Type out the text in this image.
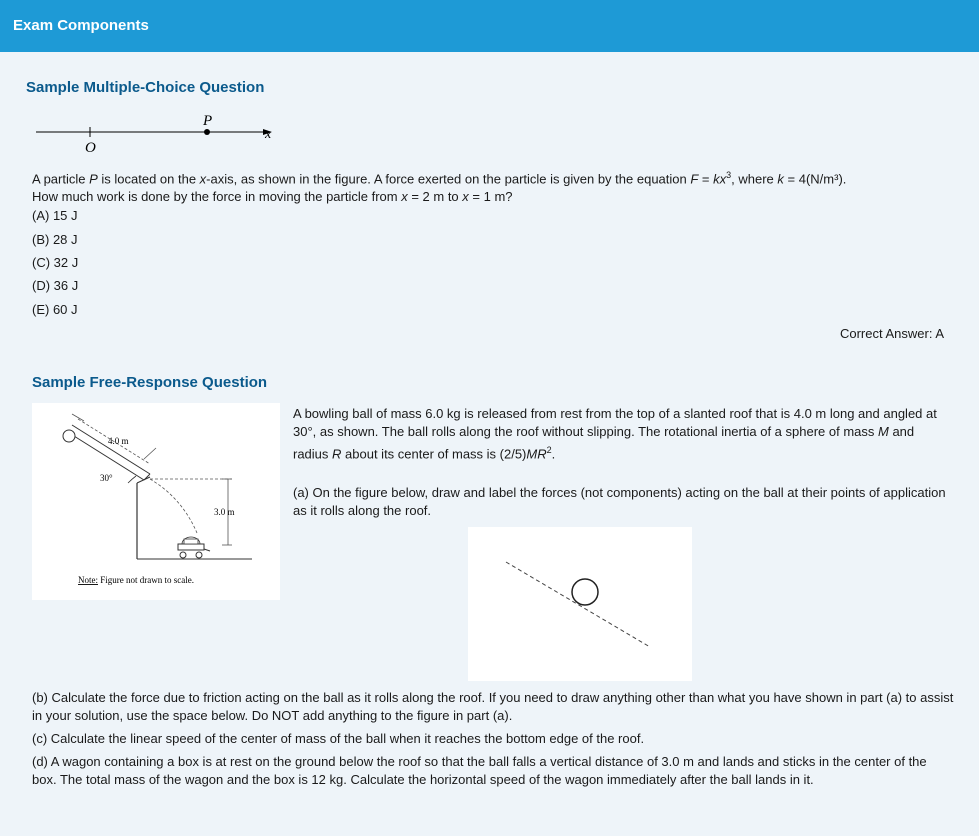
Exam Components
Sample Multiple-Choice Question
P
O
x
A particle P is located on the x-axis, as shown in the figure. A force exerted on the particle is given by the equation $F = kx^3$, where k = 4(N/m³).
How much work is done by the force in moving the particle from x = 2 m to x = 1 m?
(A) 15 J
(B) 28 J
(C) 32 J
(D) 36 J
(E) 60 J
Correct Answer: A
Sample Free-Response Question
4.0 m
30°
3.0 m
Note: Figure not drawn to scale.
A bowling ball of mass 6.0 kg is released from rest from the top of a slanted roof that is 4.0 m long and angled at 30°, as shown. The ball rolls along the roof without slipping. The rotational inertia of a sphere of mass M and radius R about its center of mass is $(2/5)MR^2$.
(a) On the figure below, draw and label the forces (not components) acting on the ball at their points of application as it rolls along the roof.
(b) Calculate the force due to friction acting on the ball as it rolls along the roof. If you need to draw anything other than what you have shown in part (a) to assist in your solution, use the space below. Do NOT add anything to the figure in part (a).
(c) Calculate the linear speed of the center of mass of the ball when it reaches the bottom edge of the roof.
(d) A wagon containing a box is at rest on the ground below the roof so that the ball falls a vertical distance of 3.0 m and lands and sticks in the center of the box. The total mass of the wagon and the box is 12 kg. Calculate the horizontal speed of the wagon immediately after the ball lands in it.
